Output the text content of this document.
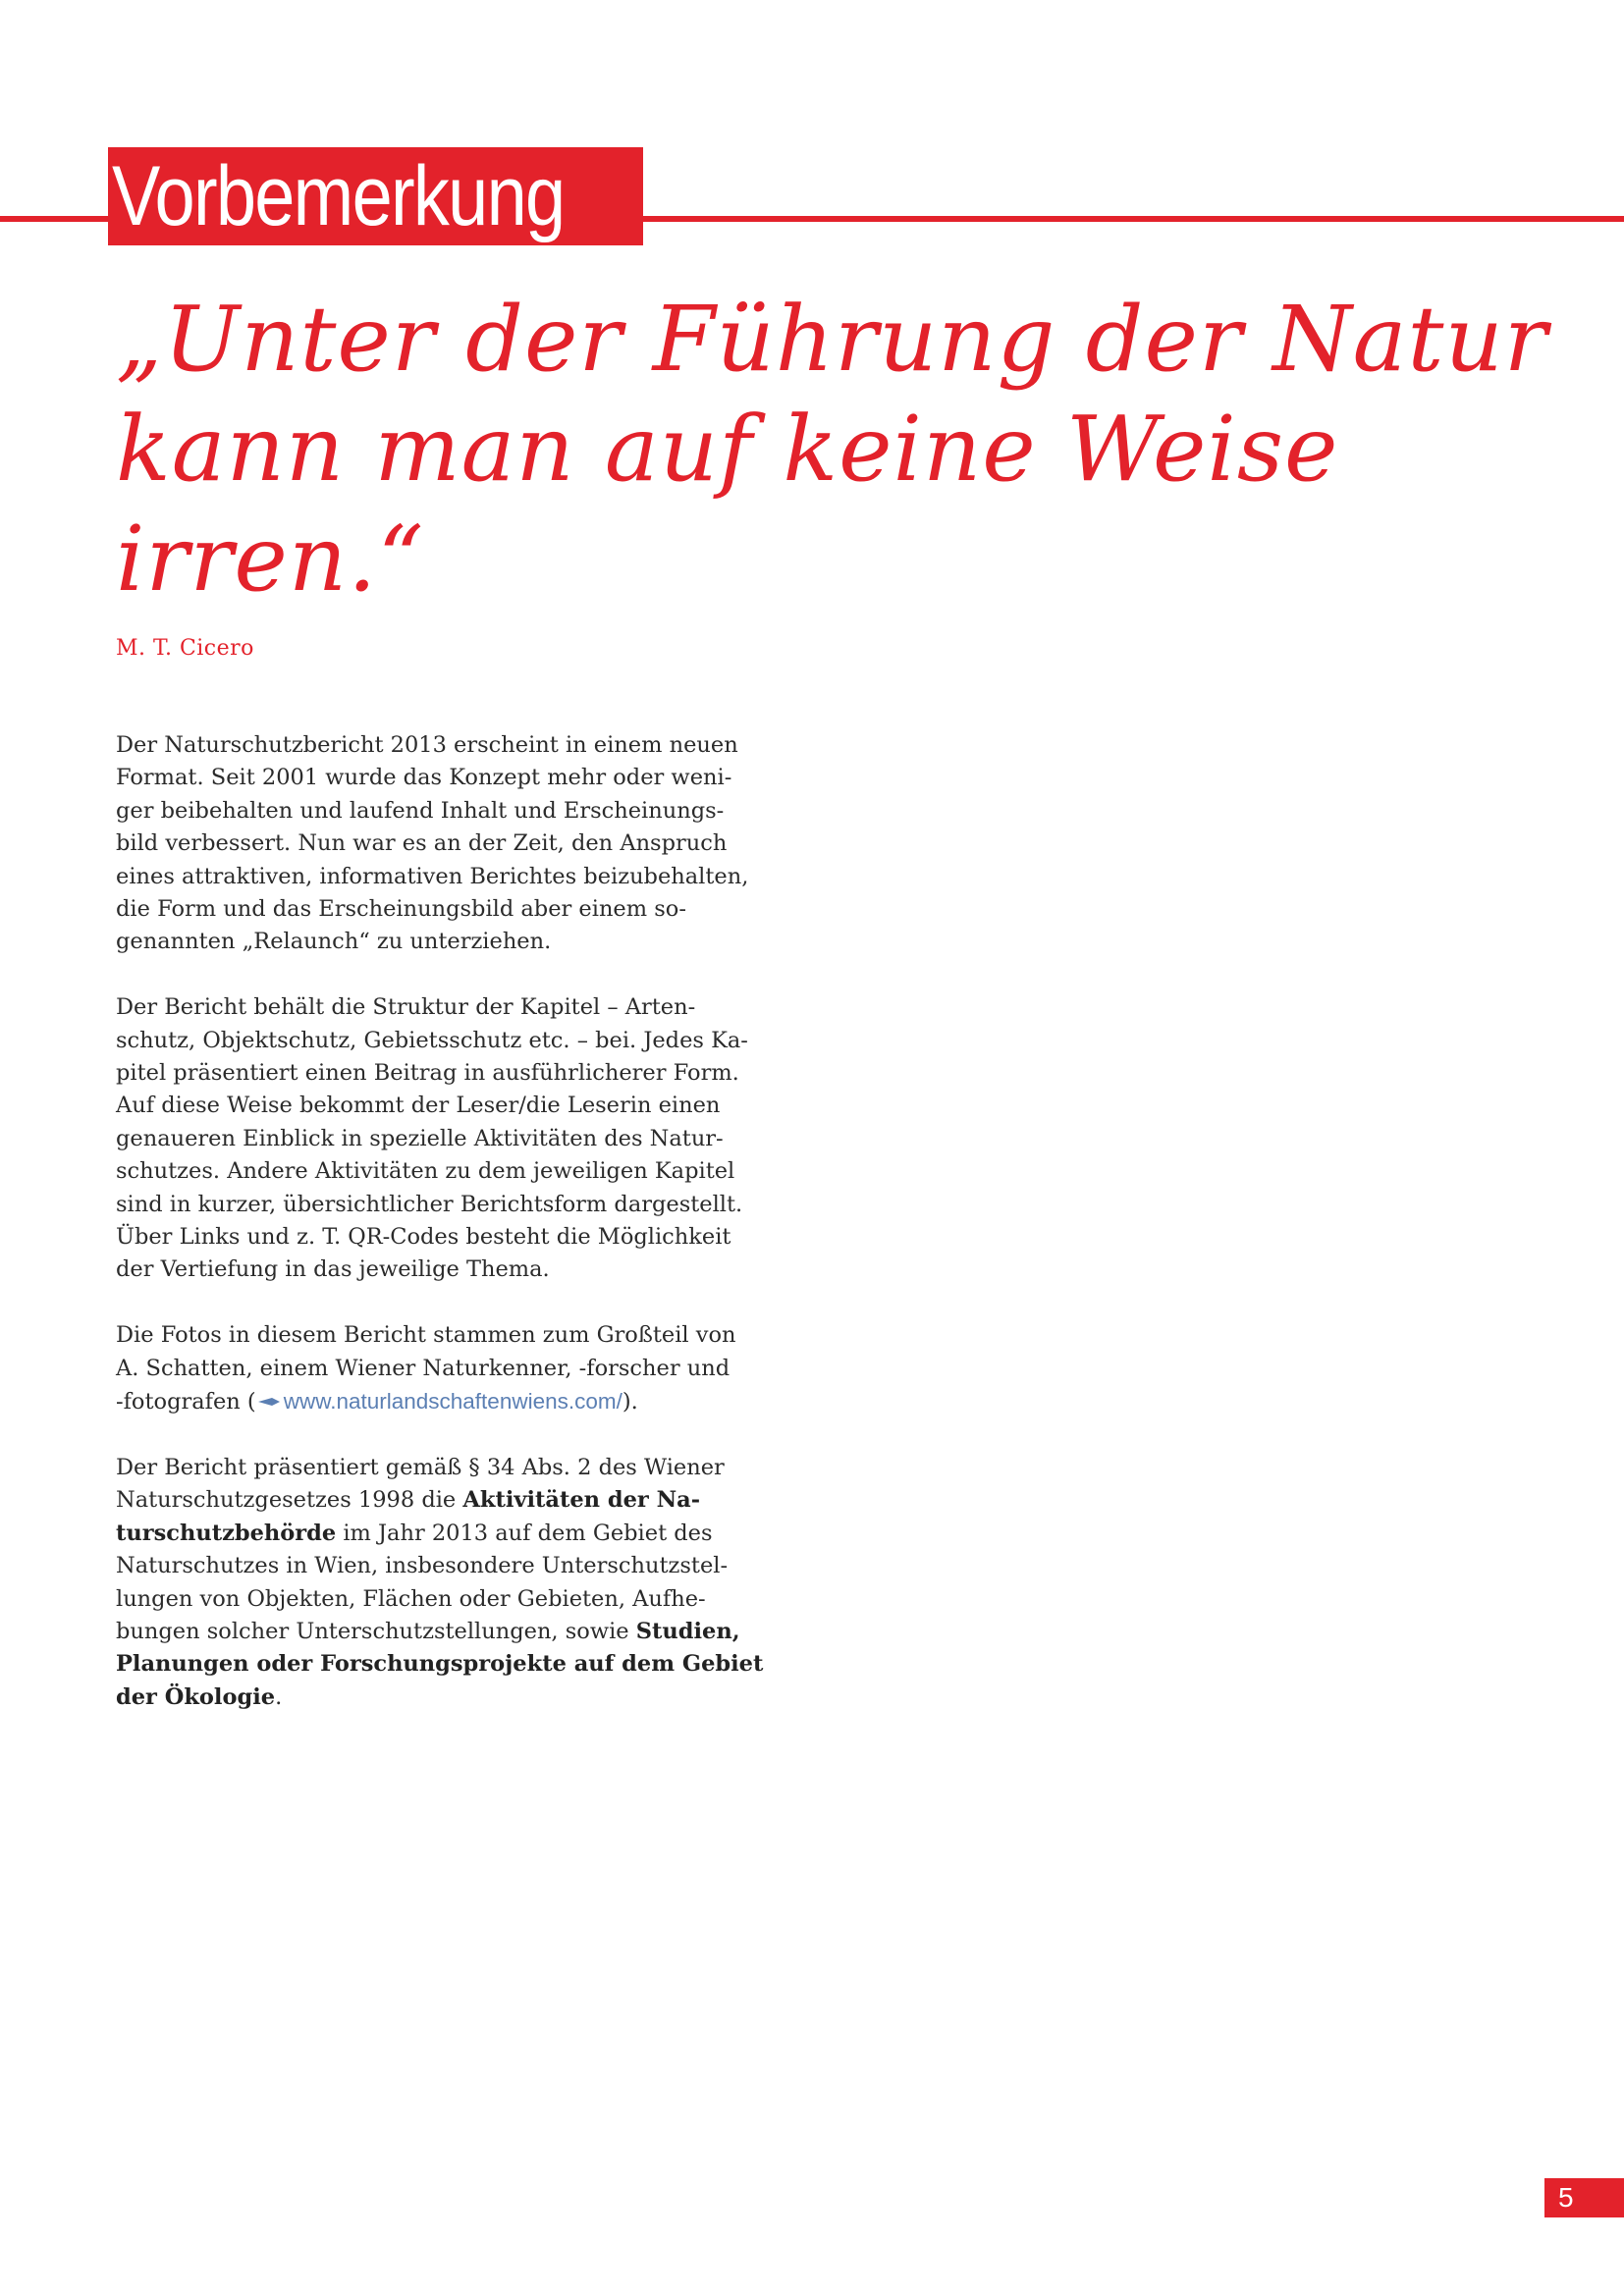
Vorbemerkung
„Unter der Führung der Natur
kann man auf keine Weise
irren.“
M. T. Cicero

Der Naturschutzbericht 2013 erscheint in einem neuen
Format. Seit 2001 wurde das Konzept mehr oder weni-
ger beibehalten und laufend Inhalt und Erscheinungs-
bild verbessert. Nun war es an der Zeit, den Anspruch
eines attraktiven, informativen Berichtes beizubehalten,
die Form und das Erscheinungsbild aber einem so-
genannten „Relaunch“ zu unterziehen.

Der Bericht behält die Struktur der Kapitel – Arten-
schutz, Objektschutz, Gebietsschutz etc. – bei. Jedes Ka-
pitel präsentiert einen Beitrag in ausführlicherer Form.
Auf diese Weise bekommt der Leser/die Leserin einen
genaueren Einblick in spezielle Aktivitäten des Natur-
schutzes. Andere Aktivitäten zu dem jeweiligen Kapitel
sind in kurzer, übersichtlicher Berichtsform dargestellt.
Über Links und z. T. QR-Codes besteht die Möglichkeit
der Vertiefung in das jeweilige Thema.

Die Fotos in diesem Bericht stammen zum Großteil von
A. Schatten, einem Wiener Naturkenner, -forscher und
-fotografen ( www.naturlandschaftenwiens.com/).

Der Bericht präsentiert gemäß § 34 Abs. 2 des Wiener
Naturschutzgesetzes 1998 die Aktivitäten der Na-
turschutzbehörde im Jahr 2013 auf dem Gebiet des
Naturschutzes in Wien, insbesondere Unterschutzstel-
lungen von Objekten, Flächen oder Gebieten, Aufhe-
bungen solcher Unterschutzstellungen, sowie Studien,
Planungen oder Forschungsprojekte auf dem Gebiet
der Ökologie.

5
